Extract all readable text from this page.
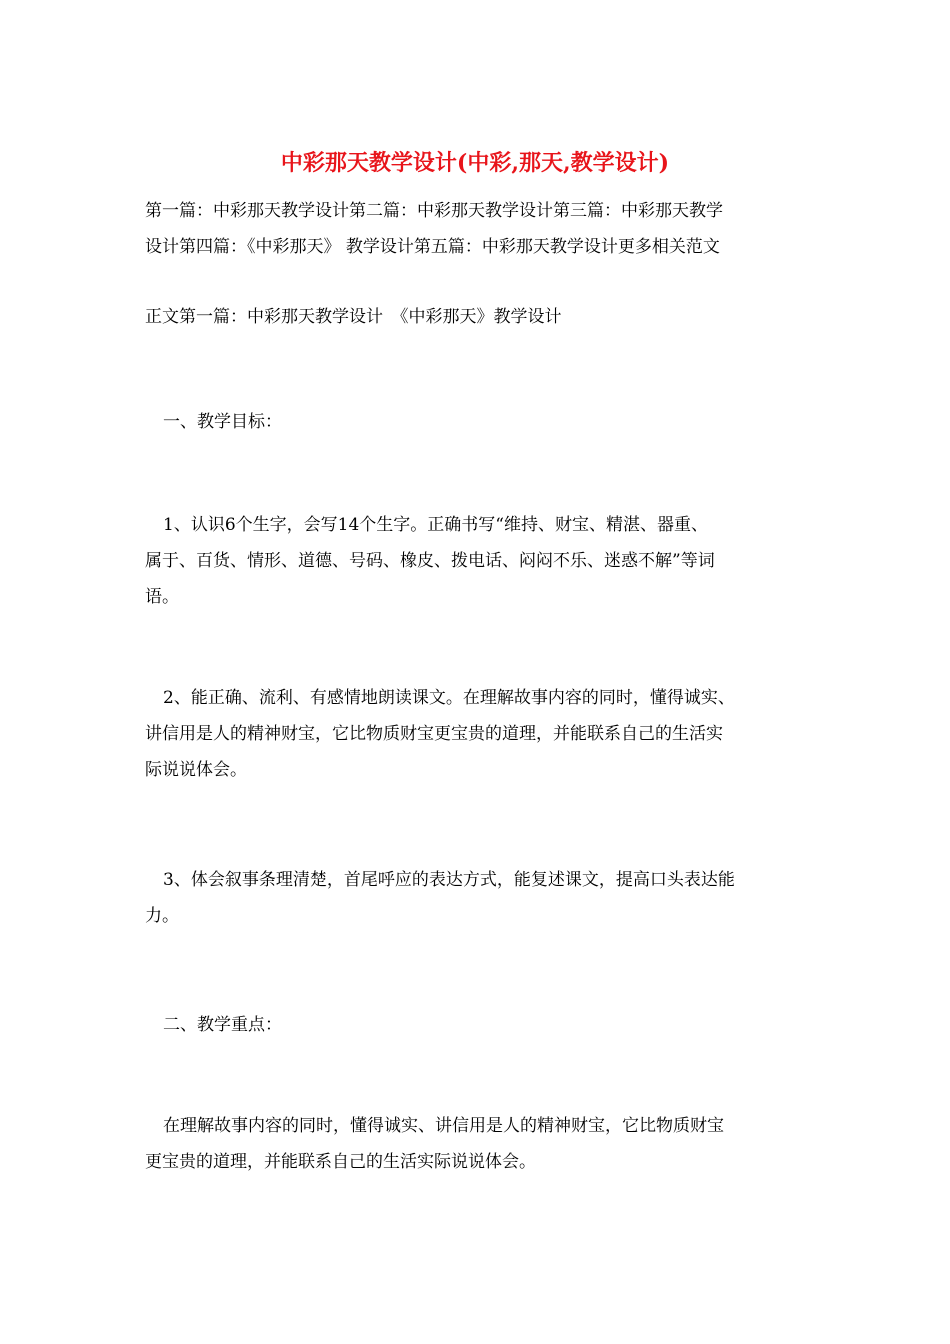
中彩那天教学设计(中彩,那天,教学设计)
第一篇：中彩那天教学设计第二篇：中彩那天教学设计第三篇：中彩那天教学
设计第四篇：《中彩那天》 教学设计第五篇：中彩那天教学设计更多相关范文
正文第一篇：中彩那天教学设计　《中彩那天》教学设计
一、教学目标：
1、认识6个生字，会写14个生字。正确书写“维持、财宝、精湛、器重、
属于、百货、情形、道德、号码、橡皮、拨电话、闷闷不乐、迷惑不解”等词
语。
2、能正确、流利、有感情地朗读课文。在理解故事内容的同时，懂得诚实、
讲信用是人的精神财宝，它比物质财宝更宝贵的道理，并能联系自己的生活实
际说说体会。
3、体会叙事条理清楚，首尾呼应的表达方式，能复述课文，提高口头表达能
力。
二、教学重点：
在理解故事内容的同时，懂得诚实、讲信用是人的精神财宝，它比物质财宝
更宝贵的道理，并能联系自己的生活实际说说体会。
